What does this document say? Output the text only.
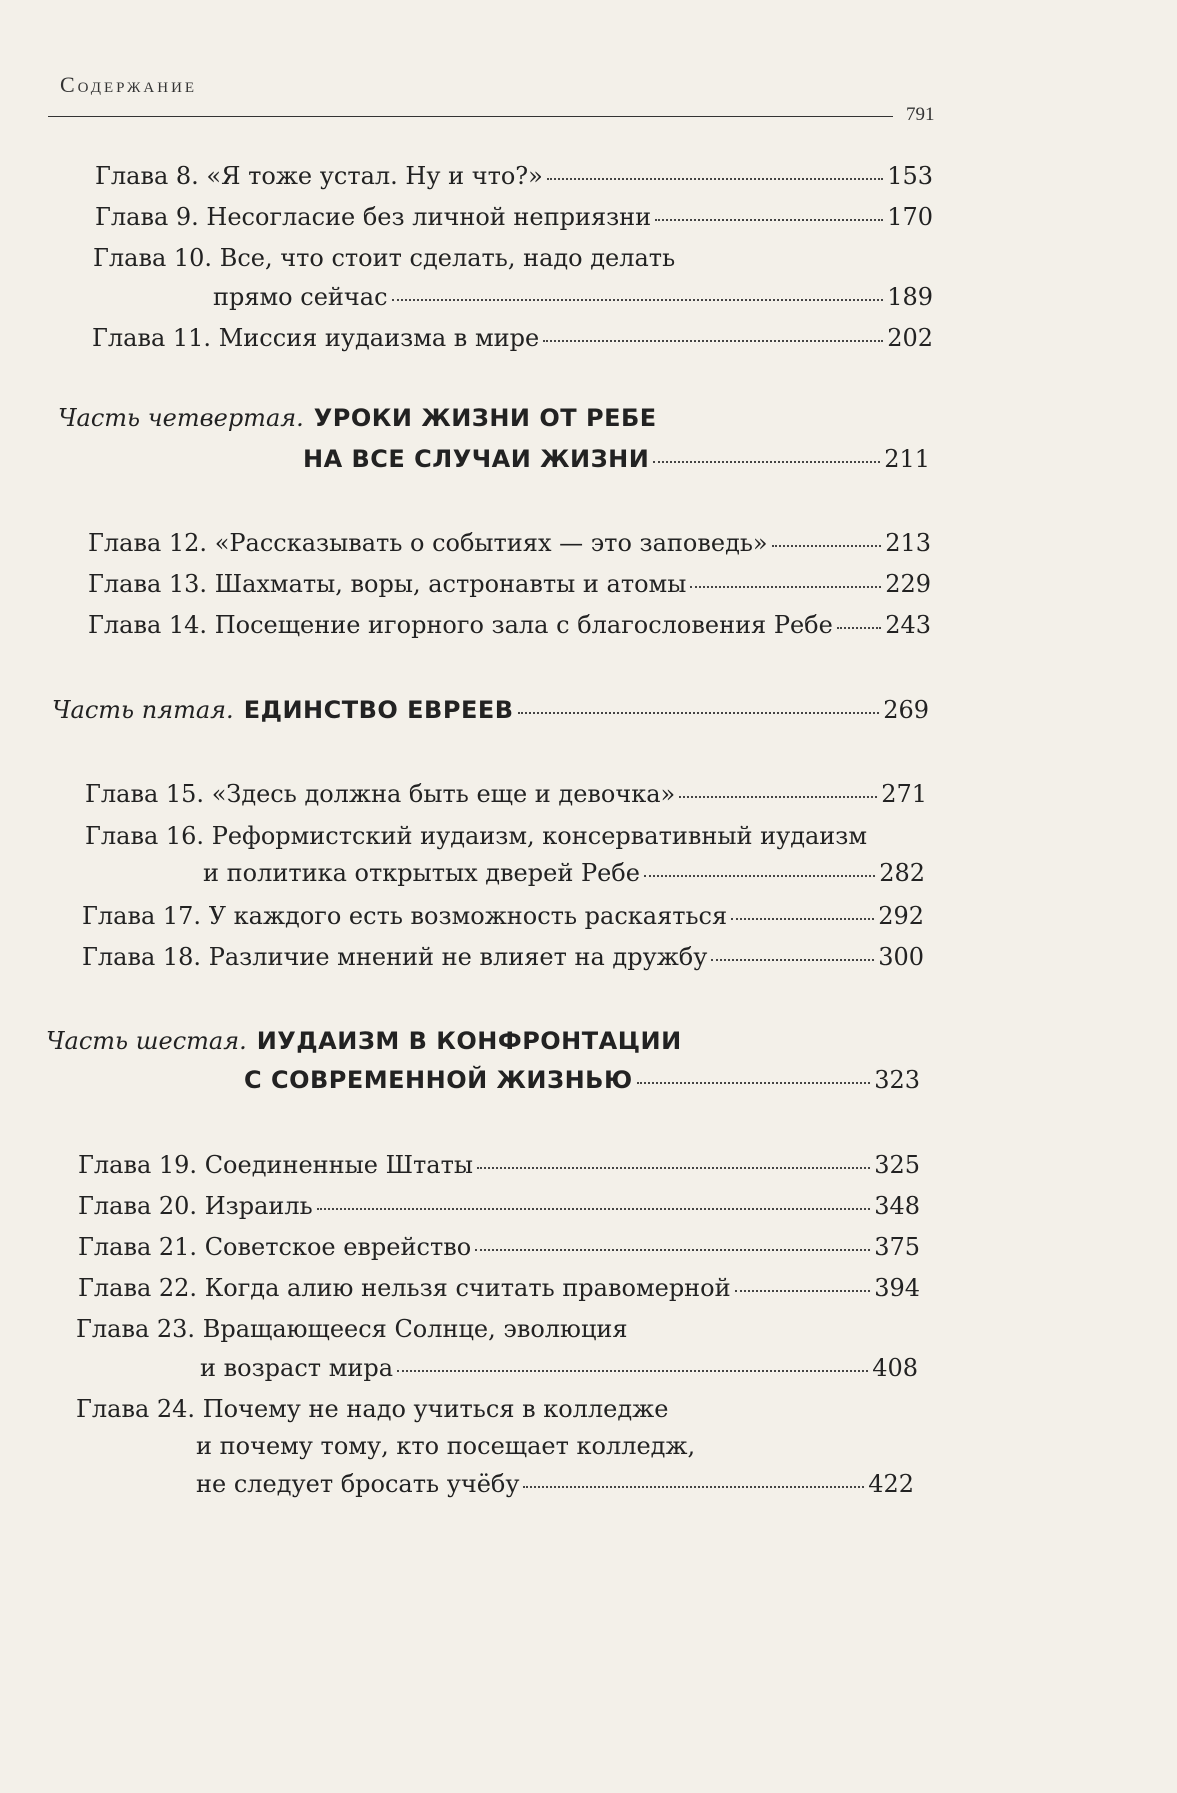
Содержание
791
Глава 8. «Я тоже устал. Ну и что?»	153
Глава 9. Несогласие без личной неприязни	170
Глава 10. Все, что стоит сделать, надо делать
прямо сейчас	189
Глава 11. Миссия иудаизма в мире	202
Часть четвертая. УРОКИ ЖИЗНИ ОТ РЕБЕ
НА ВСЕ СЛУЧАИ ЖИЗНИ	211
Глава 12. «Рассказывать о событиях — это заповедь»	213
Глава 13. Шахматы, воры, астронавты и атомы	229
Глава 14. Посещение игорного зала с благословения Ребе 243
Часть пятая. ЕДИНСТВО ЕВРЕЕВ	269
Глава 15. «Здесь должна быть еще и девочка»	271
Глава 16. Реформистский иудаизм, консервативный иудаизм
и политика открытых дверей Ребе	282
Глава 17. У каждого есть возможность раскаяться	292
Глава 18. Различие мнений не влияет на дружбу	300
Часть шестая. ИУДАИЗМ В КОНФРОНТАЦИИ
С СОВРЕМЕННОЙ ЖИЗНЬЮ	323
Глава 19. Соединенные Штаты	325
Глава 20. Израиль	348
Глава 21. Советское еврейство	375
Глава 22. Когда алию нельзя считать правомерной	394
Глава 23. Вращающееся Солнце, эволюция
и возраст мира	408
Глава 24. Почему не надо учиться в колледже
и почему тому, кто посещает колледж,
не следует бросать учёбу	422
